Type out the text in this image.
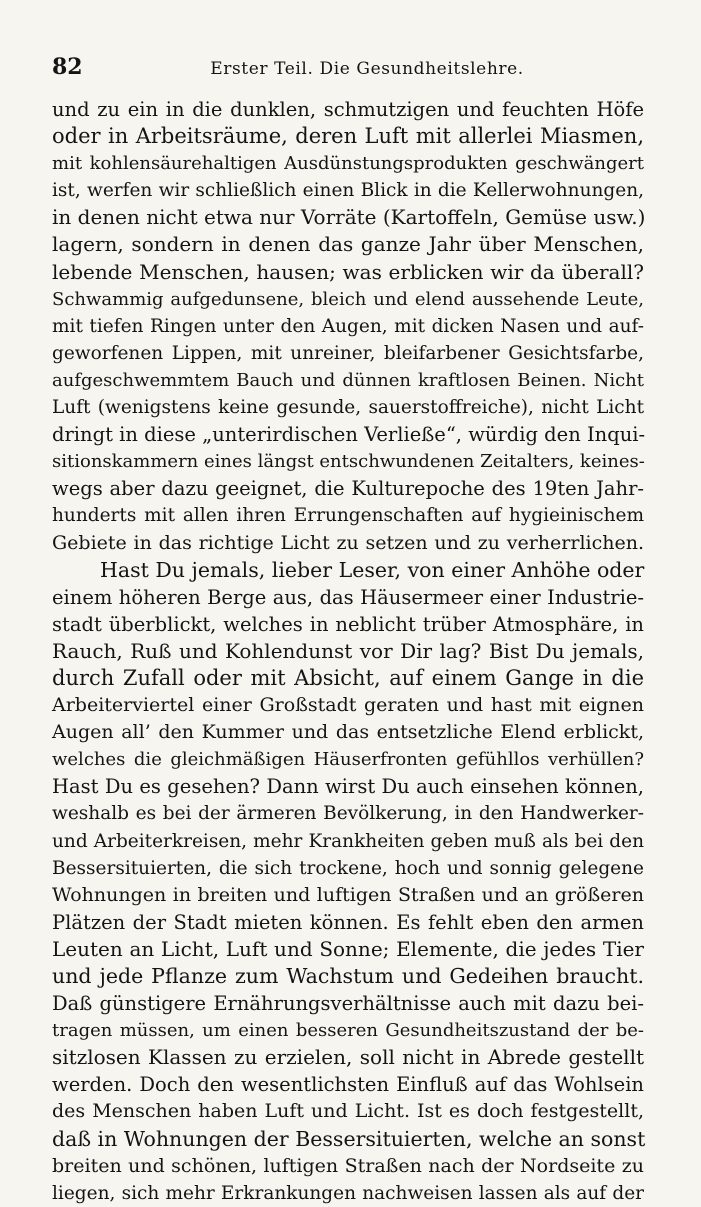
82	Erster Teil. Die Gesundheitslehre.
und zu ein in die dunklen, schmutzigen und feuchten Höfe
oder in Arbeitsräume, deren Luft mit allerlei Miasmen,
mit kohlensäurehaltigen Ausdünstungsprodukten geschwängert
ist, werfen wir schließlich einen Blick in die Kellerwohnungen,
in denen nicht etwa nur Vorräte (Kartoffeln, Gemüse usw.)
lagern, sondern in denen das ganze Jahr über Menschen,
lebende Menschen, hausen; was erblicken wir da überall?
Schwammig aufgedunsene, bleich und elend aussehende Leute,
mit tiefen Ringen unter den Augen, mit dicken Nasen und auf-
geworfenen Lippen, mit unreiner, bleifarbener Gesichtsfarbe,
aufgeschwemmtem Bauch und dünnen kraftlosen Beinen. Nicht
Luft (wenigstens keine gesunde, sauerstoffreiche), nicht Licht
dringt in diese „unterirdischen Verließe“, würdig den Inqui-
sitionskammern eines längst entschwundenen Zeitalters, keines-
wegs aber dazu geeignet, die Kulturepoche des 19ten Jahr-
hunderts mit allen ihren Errungenschaften auf hygieinischem
Gebiete in das richtige Licht zu setzen und zu verherrlichen.
Hast Du jemals, lieber Leser, von einer Anhöhe oder
einem höheren Berge aus, das Häusermeer einer Industrie-
stadt überblickt, welches in neblicht trüber Atmosphäre, in
Rauch, Ruß und Kohlendunst vor Dir lag? Bist Du jemals,
durch Zufall oder mit Absicht, auf einem Gange in die
Arbeiterviertel einer Großstadt geraten und hast mit eignen
Augen all’ den Kummer und das entsetzliche Elend erblickt,
welches die gleichmäßigen Häuserfronten gefühllos verhüllen?
Hast Du es gesehen? Dann wirst Du auch einsehen können,
weshalb es bei der ärmeren Bevölkerung, in den Handwerker-
und Arbeiterkreisen, mehr Krankheiten geben muß als bei den
Bessersituierten, die sich trockene, hoch und sonnig gelegene
Wohnungen in breiten und luftigen Straßen und an größeren
Plätzen der Stadt mieten können. Es fehlt eben den armen
Leuten an Licht, Luft und Sonne; Elemente, die jedes Tier
und jede Pflanze zum Wachstum und Gedeihen braucht.
Daß günstigere Ernährungsverhältnisse auch mit dazu bei-
tragen müssen, um einen besseren Gesundheitszustand der be-
sitzlosen Klassen zu erzielen, soll nicht in Abrede gestellt
werden. Doch den wesentlichsten Einfluß auf das Wohlsein
des Menschen haben Luft und Licht. Ist es doch festgestellt,
daß in Wohnungen der Bessersituierten, welche an sonst
breiten und schönen, luftigen Straßen nach der Nordseite zu
liegen, sich mehr Erkrankungen nachweisen lassen als auf der
